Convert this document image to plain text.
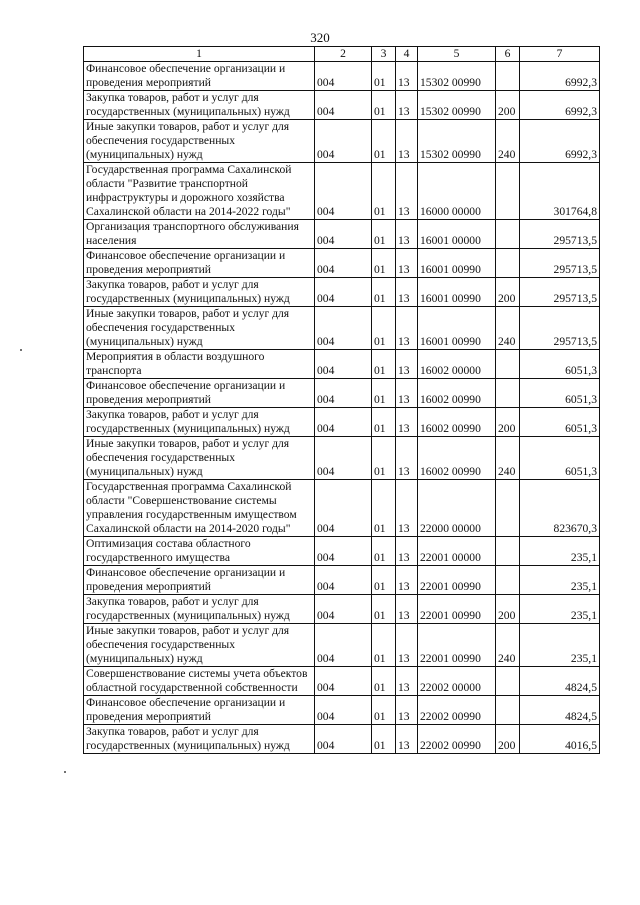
320
1	2	3	4	5	6	7
Финансовое обеспечение организации и проведения мероприятий	004	01	13	15302 00990		6992,3
Закупка товаров, работ и услуг для государственных (муниципальных) нужд	004	01	13	15302 00990	200	6992,3
Иные закупки товаров, работ и услуг для обеспечения государственных (муниципальных) нужд	004	01	13	15302 00990	240	6992,3
Государственная программа Сахалинской области "Развитие транспортной инфраструктуры и дорожного хозяйства Сахалинской области на 2014-2022 годы"	004	01	13	16000 00000		301764,8
Организация транспортного обслуживания населения	004	01	13	16001 00000		295713,5
Финансовое обеспечение организации и проведения мероприятий	004	01	13	16001 00990		295713,5
Закупка товаров, работ и услуг для государственных (муниципальных) нужд	004	01	13	16001 00990	200	295713,5
Иные закупки товаров, работ и услуг для обеспечения государственных (муниципальных) нужд	004	01	13	16001 00990	240	295713,5
Мероприятия в области воздушного транспорта	004	01	13	16002 00000		6051,3
Финансовое обеспечение организации и проведения мероприятий	004	01	13	16002 00990		6051,3
Закупка товаров, работ и услуг для государственных (муниципальных) нужд	004	01	13	16002 00990	200	6051,3
Иные закупки товаров, работ и услуг для обеспечения государственных (муниципальных) нужд	004	01	13	16002 00990	240	6051,3
Государственная программа Сахалинской области "Совершенствование системы управления государственным имуществом Сахалинской области на 2014-2020 годы"	004	01	13	22000 00000		823670,3
Оптимизация состава областного государственного имущества	004	01	13	22001 00000		235,1
Финансовое обеспечение организации и проведения мероприятий	004	01	13	22001 00990		235,1
Закупка товаров, работ и услуг для государственных (муниципальных) нужд	004	01	13	22001 00990	200	235,1
Иные закупки товаров, работ и услуг для обеспечения государственных (муниципальных) нужд	004	01	13	22001 00990	240	235,1
Совершенствование системы учета объектов областной государственной собственности	004	01	13	22002 00000		4824,5
Финансовое обеспечение организации и проведения мероприятий	004	01	13	22002 00990		4824,5
Закупка товаров, работ и услуг для государственных (муниципальных) нужд	004	01	13	22002 00990	200	4016,5
